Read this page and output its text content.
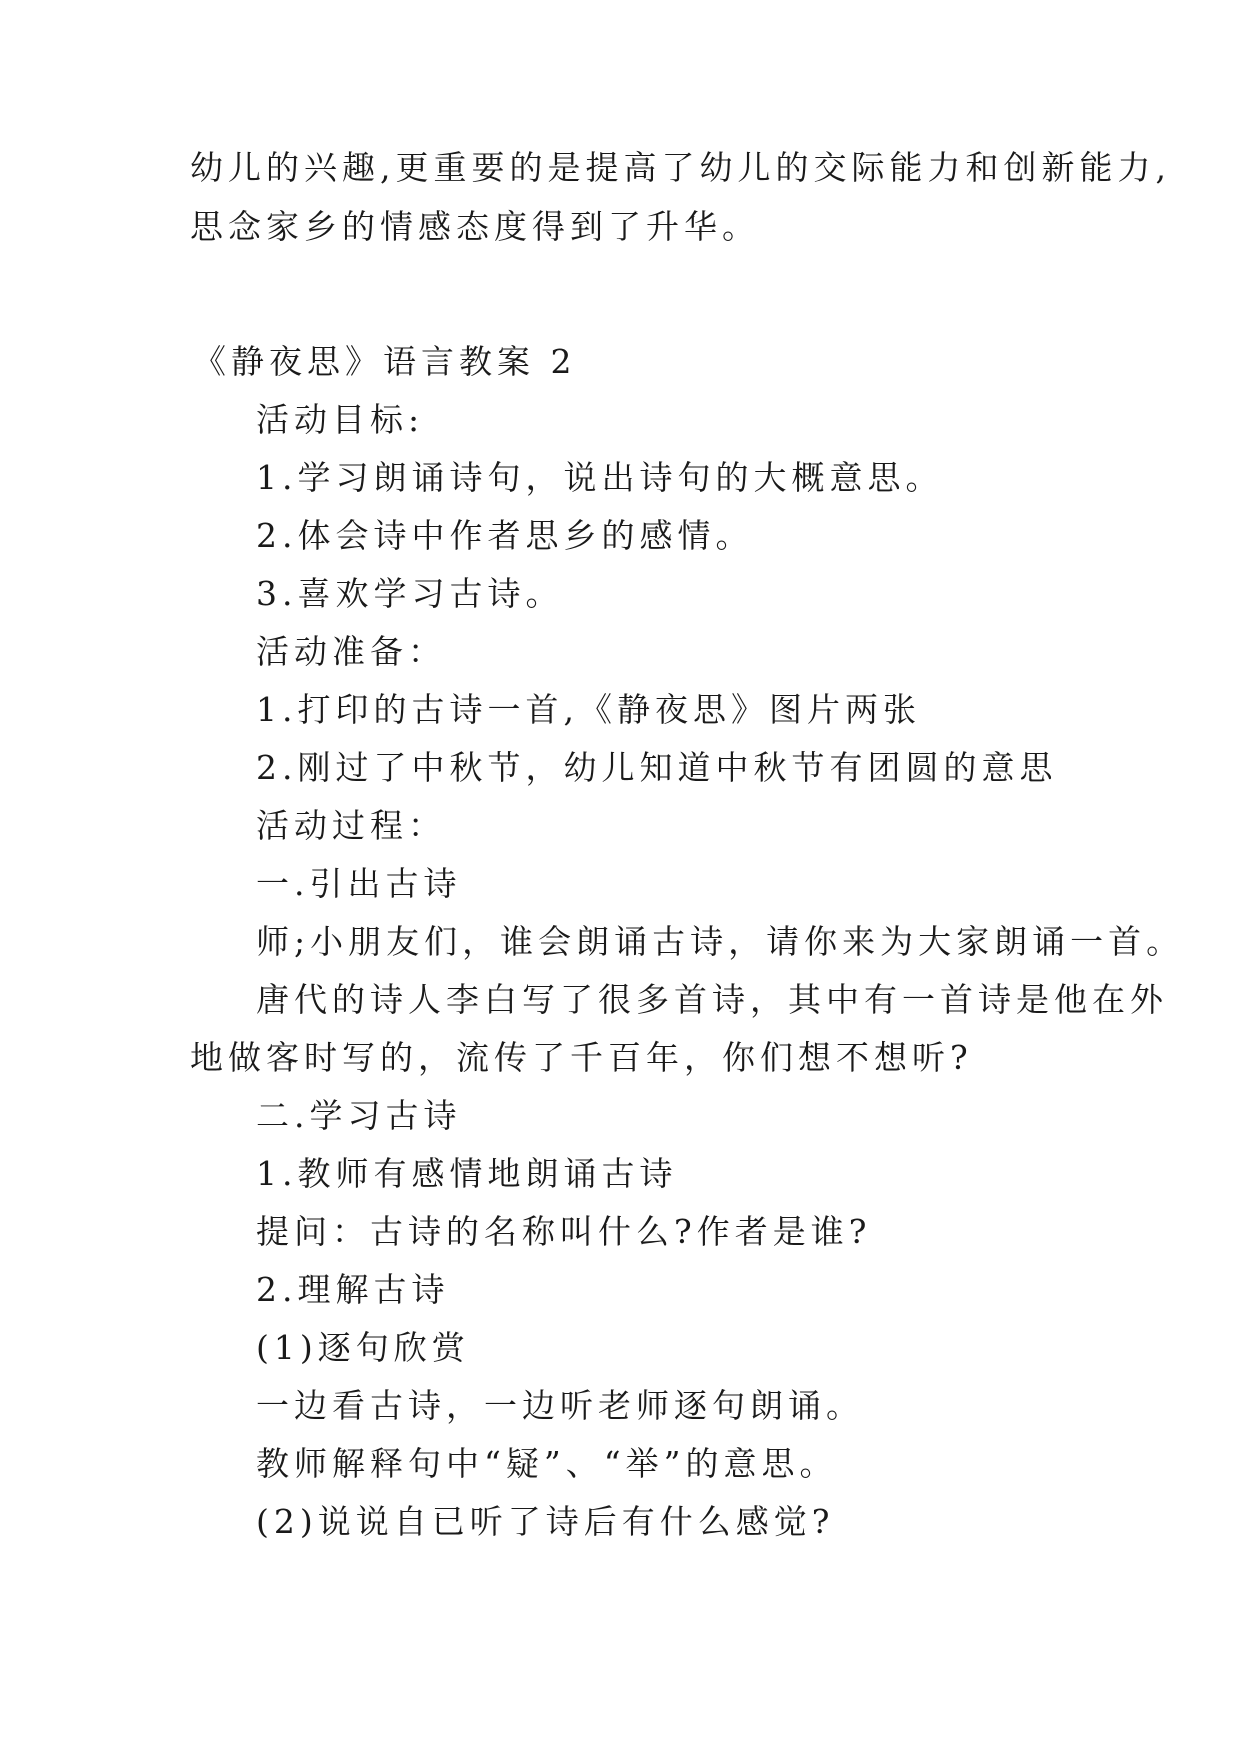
幼儿的兴趣,更重要的是提高了幼儿的交际能力和创新能力,
思念家乡的情感态度得到了升华。
《静夜思》语言教案 2
活动目标:
1.学习朗诵诗句，说出诗句的大概意思。
2.体会诗中作者思乡的感情。
3.喜欢学习古诗。
活动准备：
1.打印的古诗一首,《静夜思》图片两张
2.刚过了中秋节，幼儿知道中秋节有团圆的意思
活动过程：
一.引出古诗
师;小朋友们，谁会朗诵古诗，请你来为大家朗诵一首。
唐代的诗人李白写了很多首诗，其中有一首诗是他在外
地做客时写的，流传了千百年，你们想不想听?
二.学习古诗
1.教师有感情地朗诵古诗
提问：古诗的名称叫什么?作者是谁?
2.理解古诗
(1)逐句欣赏
一边看古诗，一边听老师逐句朗诵。
教师解释句中“疑”、“举”的意思。
(2)说说自已听了诗后有什么感觉?
